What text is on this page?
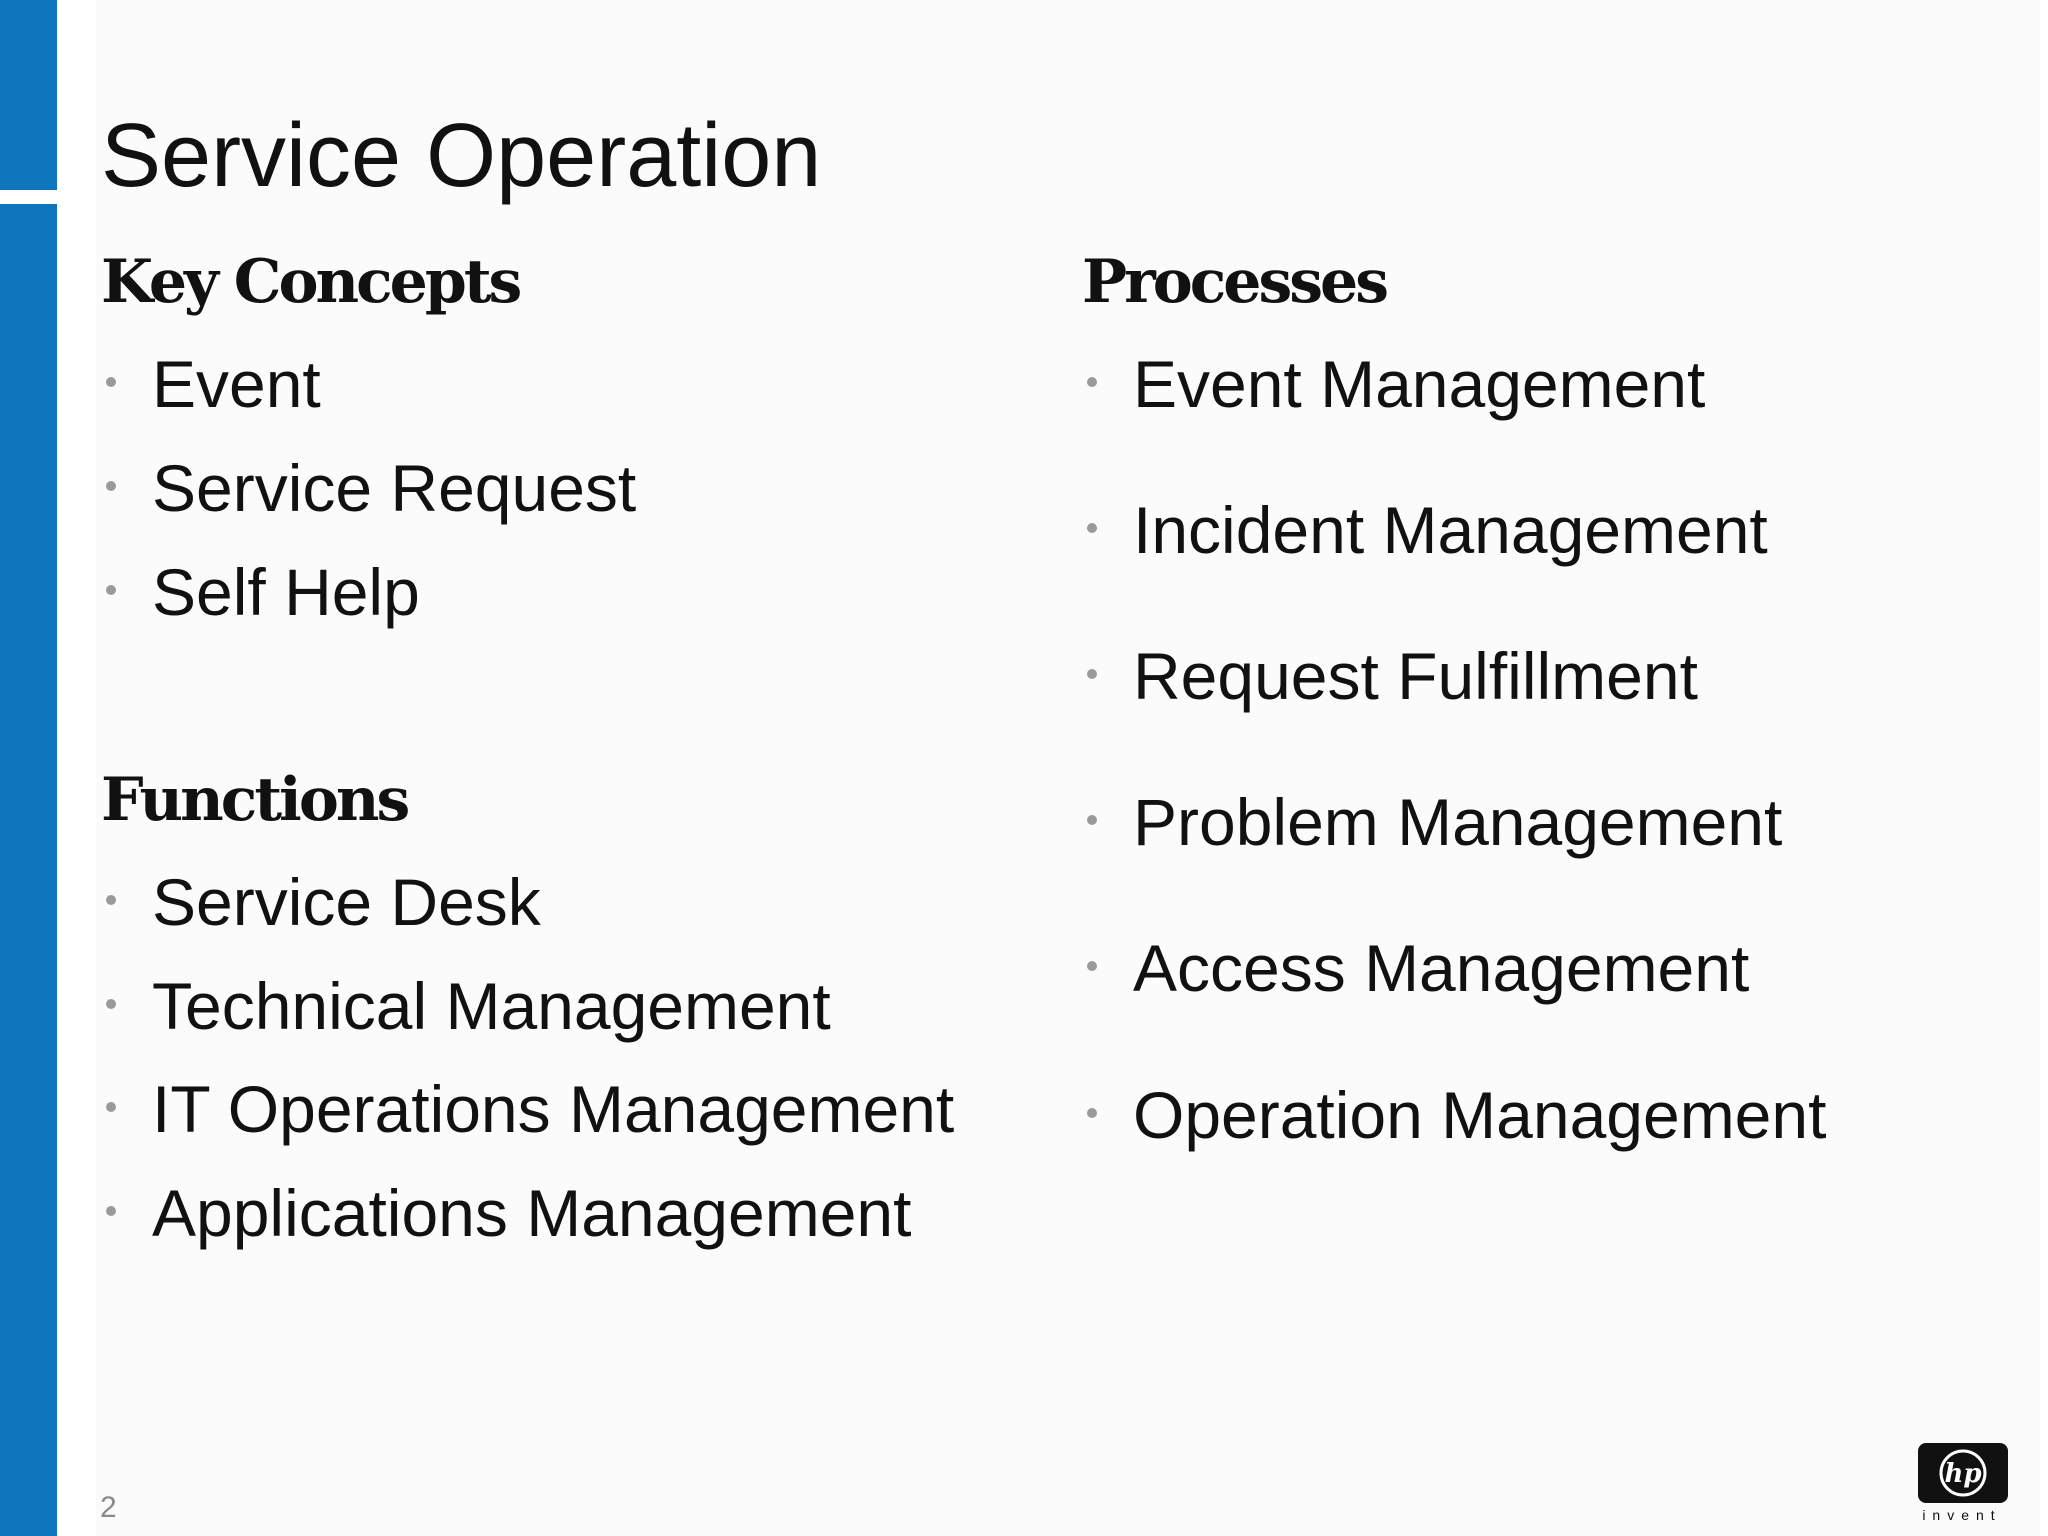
Service Operation
Key Concepts
Event
Service Request
Self Help
Functions
Service Desk
Technical Management
IT Operations Management
Applications Management
Processes
Event Management
Incident Management
Request Fulfillment
Problem Management
Access Management
Operation Management
2
hp
invent
